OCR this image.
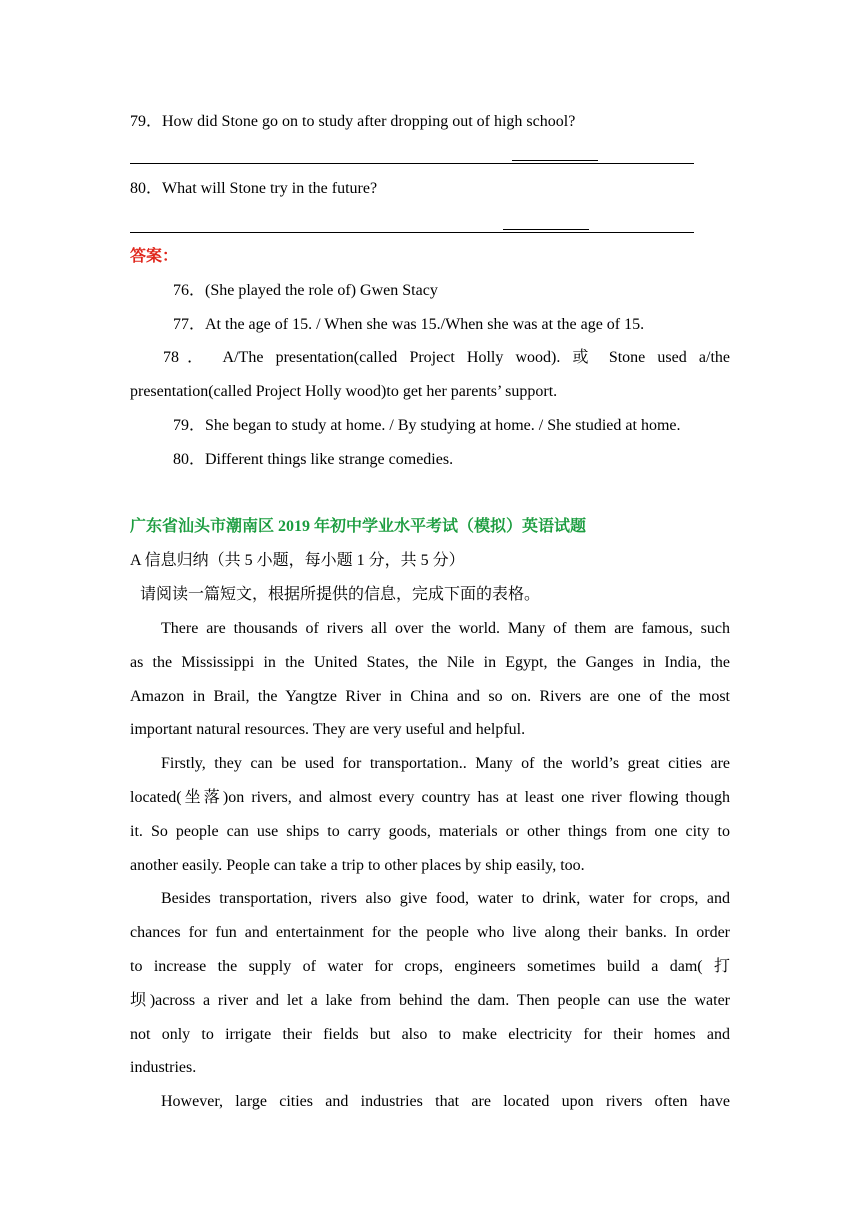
79．How did Stone go on to study after dropping out of high school?
80．What will Stone try in the future?
答案：
76．(She played the role of) Gwen Stacy
77．At the age of 15. / When she was 15./When she was at the age of 15.
78． A/The presentation(called Project Holly wood). 或 Stone used a/the
presentation(called Project Holly wood)to get her parents’ support.
79．She began to study at home. / By studying at home. / She studied at home.
80．Different things like strange comedies.
广东省汕头市潮南区 2019 年初中学业水平考试（模拟）英语试题
A 信息归纳（共 5 小题，每小题 1 分，共 5 分）
请阅读一篇短文，根据所提供的信息，完成下面的表格。
There are thousands of rivers all over the world. Many of them are famous, such
as the Mississippi in the United States, the Nile in Egypt, the Ganges in India, the
Amazon in Brail, the Yangtze River in China and so on. Rivers are one of the most
important natural resources. They are very useful and helpful.
Firstly, they can be used for transportation.. Many of the world’s great cities are
located(坐落)on rivers, and almost every country has at least one river flowing though
it. So people can use ships to carry goods, materials or other things from one city to
another easily. People can take a trip to other places by ship easily, too.
Besides transportation, rivers also give food, water to drink, water for crops, and
chances for fun and entertainment for the people who live along their banks. In order
to increase the supply of water for crops, engineers sometimes build a dam( 打
坝)across a river and let a lake from behind the dam. Then people can use the water
not only to irrigate their fields but also to make electricity for their homes and
industries.
However, large cities and industries that are located upon rivers often have
